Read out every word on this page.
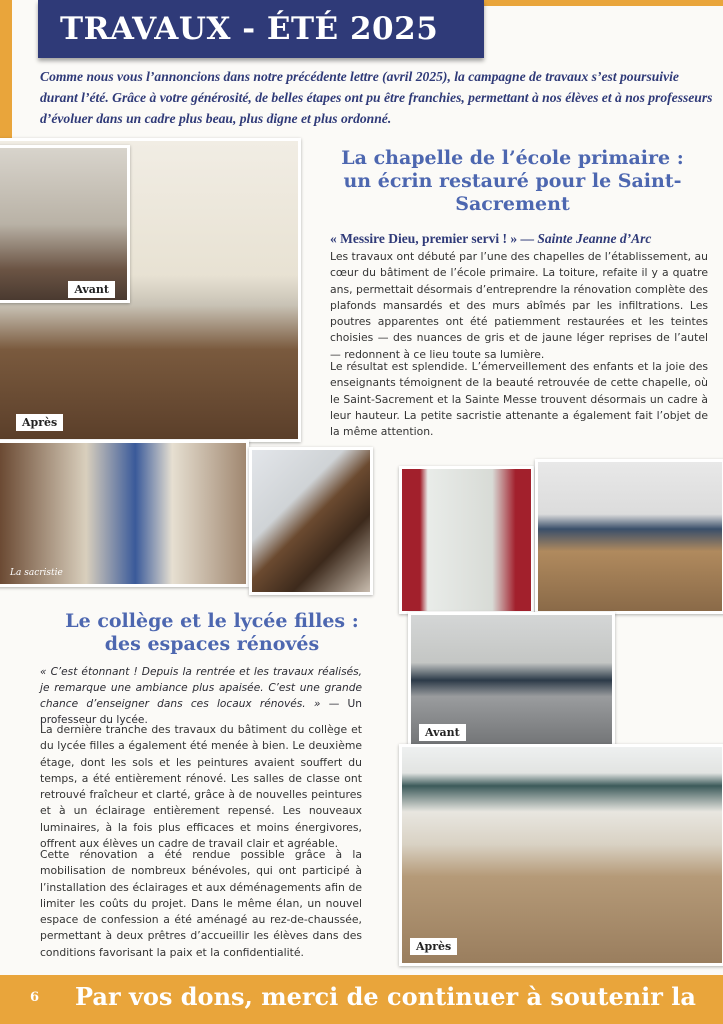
TRAVAUX - ÉTÉ 2025
Comme nous vous l’annoncions dans notre précédente lettre (avril 2025), la campagne de travaux s’est poursuivie durant l’été. Grâce à votre générosité, de belles étapes ont pu être franchies, permettant à nos élèves et à nos professeurs d’évoluer dans un cadre plus beau, plus digne et plus ordonné.
Après
Avant
La sacristie
La chapelle de l’école primaire : un écrin restauré pour le Saint-Sacrement
« Messire Dieu, premier servi ! » — Sainte Jeanne d’Arc
Les travaux ont débuté par l’une des chapelles de l’établissement, au cœur du bâtiment de l’école primaire. La toiture, refaite il y a quatre ans, permettait désormais d’entreprendre la rénovation complète des plafonds mansardés et des murs abîmés par les infiltrations. Les poutres apparentes ont été patiemment restaurées et les teintes choisies — des nuances de gris et de jaune léger reprises de l’autel — redonnent à ce lieu toute sa lumière.
Le résultat est splendide. L’émerveillement des enfants et la joie des enseignants témoignent de la beauté retrouvée de cette chapelle, où le Saint-Sacrement et la Sainte Messe trouvent désormais un cadre à leur hauteur. La petite sacristie attenante a également fait l’objet de la même attention.
Avant
Après
Le collège et le lycée filles : des espaces rénovés
« C’est étonnant ! Depuis la rentrée et les travaux réalisés, je remarque une ambiance plus apaisée. C’est une grande chance d’enseigner dans ces locaux rénovés. » — Un professeur du lycée.
La dernière tranche des travaux du bâtiment du collège et du lycée filles a également été menée à bien. Le deuxième étage, dont les sols et les peintures avaient souffert du temps, a été entièrement rénové. Les salles de classe ont retrouvé fraîcheur et clarté, grâce à de nouvelles peintures et à un éclairage entièrement repensé. Les nouveaux luminaires, à la fois plus efficaces et moins énergivores, offrent aux élèves un cadre de travail clair et agréable.
Cette rénovation a été rendue possible grâce à la mobilisation de nombreux bénévoles, qui ont participé à l’installation des éclairages et aux déménagements afin de limiter les coûts du projet. Dans le même élan, un nouvel espace de confession a été aménagé au rez-de-chaussée, permettant à deux prêtres d’accueillir les élèves dans des conditions favorisant la paix et la confidentialité.
6 Par vos dons, merci de continuer à soutenir la
